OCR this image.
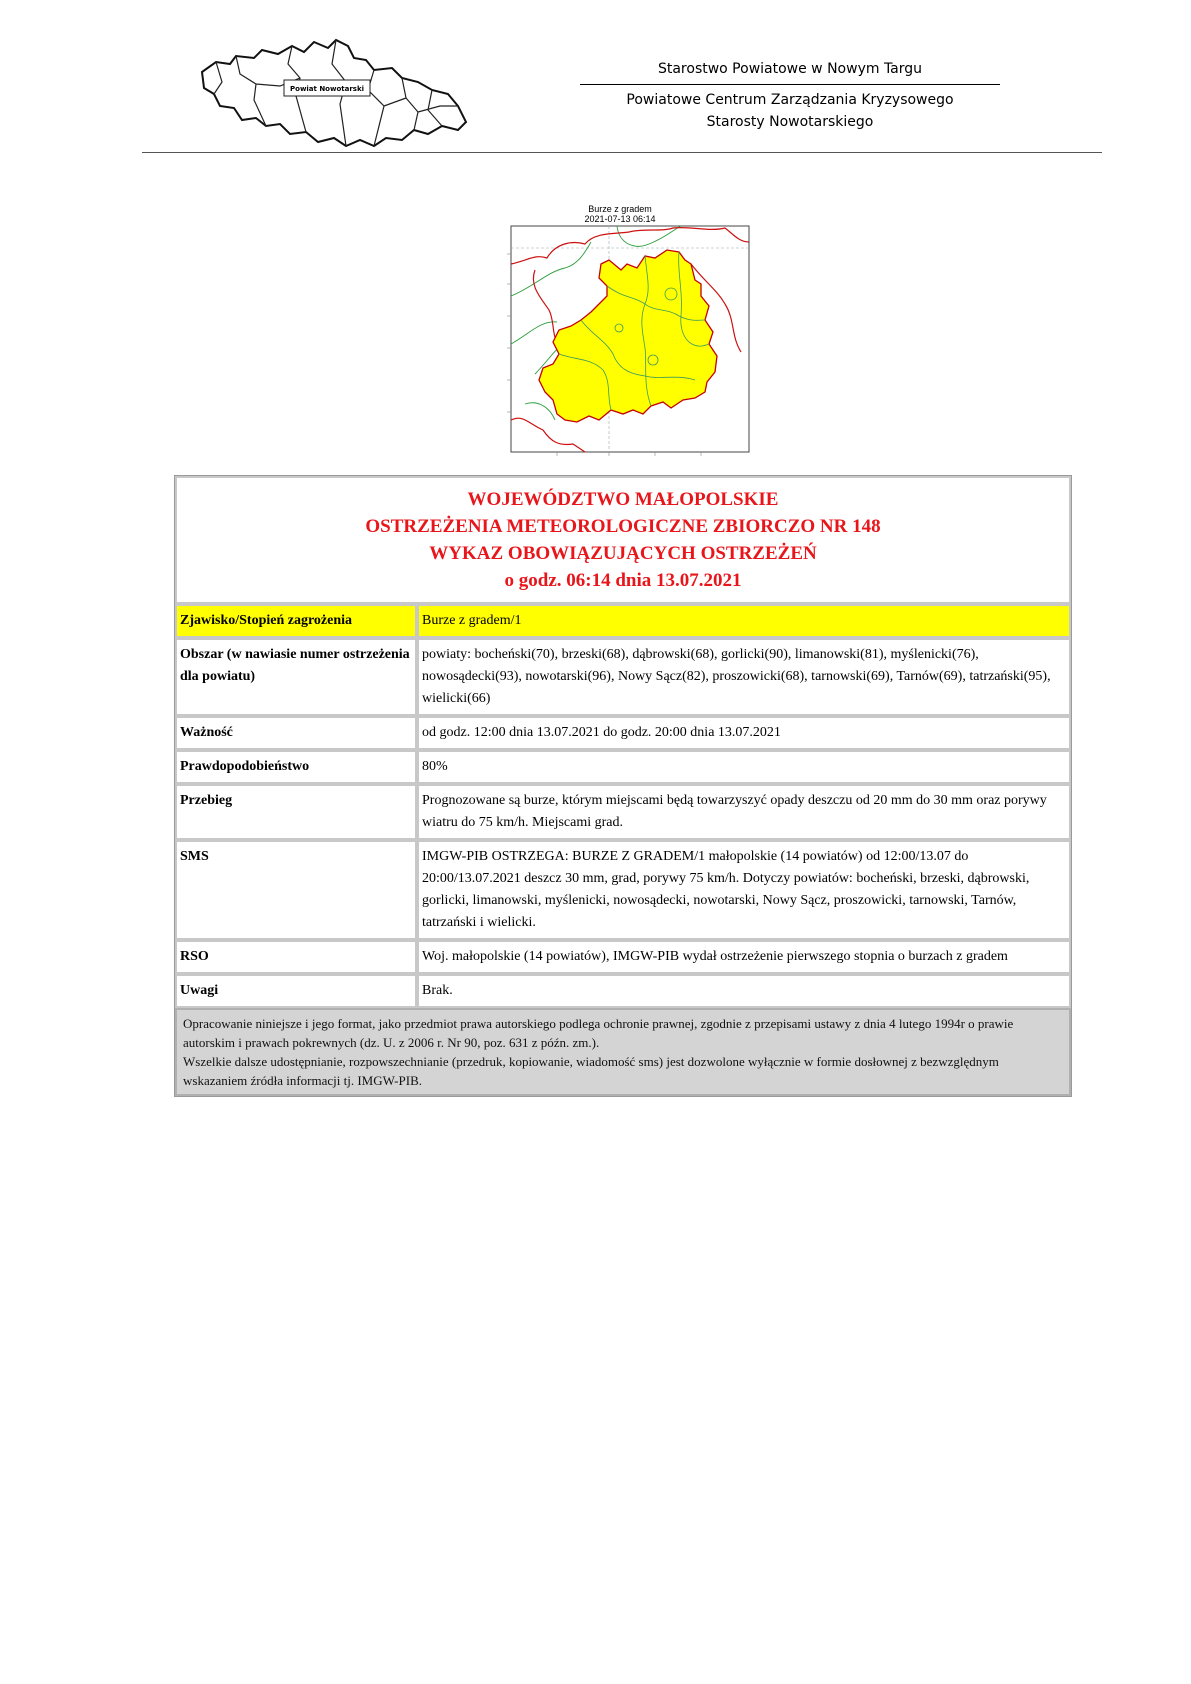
Powiat Nowotarski
Starostwo Powiatowe w Nowym Targu
Powiatowe Centrum Zarządzania Kryzysowego
Starosty Nowotarskiego
Burze z gradem
2021-07-13 06:14
WOJEWÓDZTWO MAŁOPOLSKIE
OSTRZEŻENIA METEOROLOGICZNE ZBIORCZO NR 148
WYKAZ OBOWIĄZUJĄCYCH OSTRZEŻEŃ
o godz. 06:14 dnia 13.07.2021	

Zjawisko/Stopień zagrożenia	Burze z gradem/1
Obszar (w nawiasie numer ostrzeżenia dla powiatu)	powiaty: bocheński(70), brzeski(68), dąbrowski(68), gorlicki(90), limanowski(81), myślenicki(76), nowosądecki(93), nowotarski(96), Nowy Sącz(82), proszowicki(68), tarnowski(69), Tarnów(69), tatrzański(95), wielicki(66)
Ważność	od godz. 12:00 dnia 13.07.2021 do godz. 20:00 dnia 13.07.2021
Prawdopodobieństwo	80%
Przebieg	Prognozowane są burze, którym miejscami będą towarzyszyć opady deszczu od 20 mm do 30 mm oraz porywy wiatru do 75 km/h. Miejscami grad.
SMS	IMGW-PIB OSTRZEGA: BURZE Z GRADEM/1 małopolskie (14 powiatów) od 12:00/13.07 do 20:00/13.07.2021 deszcz 30 mm, grad, porywy 75 km/h. Dotyczy powiatów: bocheński, brzeski, dąbrowski, gorlicki, limanowski, myślenicki, nowosądecki, nowotarski, Nowy Sącz, proszowicki, tarnowski, Tarnów, tatrzański i wielicki.
RSO	Woj. małopolskie (14 powiatów), IMGW-PIB wydał ostrzeżenie pierwszego stopnia o burzach z gradem
Uwagi	Brak.

Opracowanie niniejsze i jego format, jako przedmiot prawa autorskiego podlega ochronie prawnej, zgodnie z przepisami ustawy z dnia 4 lutego 1994r o prawie autorskim i prawach pokrewnych (dz. U. z 2006 r. Nr 90, poz. 631 z późn. zm.).
Wszelkie dalsze udostępnianie, rozpowszechnianie (przedruk, kopiowanie, wiadomość sms) jest dozwolone wyłącznie w formie dosłownej z bezwzględnym wskazaniem źródła informacji tj. IMGW-PIB.	
